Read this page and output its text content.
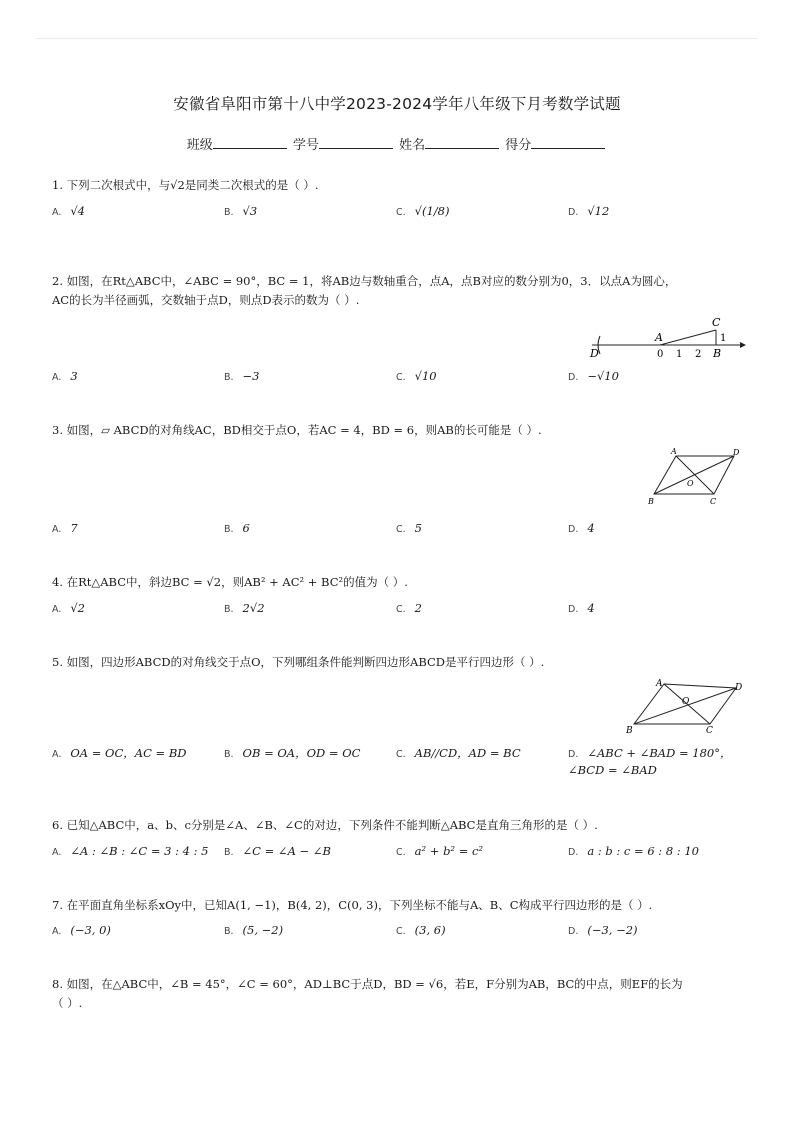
安徽省阜阳市第十八中学2023-2024学年八年级下月考数学试题
班级	学号	姓名	得分
1. 下列二次根式中，与√2是同类二次根式的是（ ）.
A. √4	B. √3	C. √(1/8)	D. √12
2. 如图，在Rt△ABC中，∠ABC = 90°，BC = 1，将AB边与数轴重合，点A，点B对应的数分别为0，3．以点A为圆心，
AC的长为半径画弧，交数轴于点D，则点D表示的数为（ ）.
C
A	1
D	0 1 2 B
A. 3	B. −3	C. √10	D. −√10
3. 如图，▱ ABCD的对角线AC，BD相交于点O，若AC = 4，BD = 6，则AB的长可能是（ ）.
A	D
O
B	C
A. 7	B. 6	C. 5	D. 4
4. 在Rt△ABC中，斜边BC = √2，则AB² + AC² + BC²的值为（ ）.
A. √2	B. 2√2	C. 2	D. 4
5. 如图，四边形ABCD的对角线交于点O，下列哪组条件能判断四边形ABCD是平行四边形（ ）.
A	D
O
B	C
A. OA = OC，AC = BD	B. OB = OA，OD = OC	C. AB//CD，AD = BC	D. ∠ABC + ∠BAD = 180°，
∠BCD = ∠BAD
6. 已知△ABC中，a、b、c分别是∠A、∠B、∠C的对边，下列条件不能判断△ABC是直角三角形的是（ ）.
A. ∠A : ∠B : ∠C = 3 : 4 : 5 B. ∠C = ∠A − ∠B	C. a² + b² = c²	D. a : b : c = 6 : 8 : 10
7. 在平面直角坐标系xOy中，已知A(1, −1)，B(4, 2)，C(0, 3)，下列坐标不能与A、B、C构成平行四边形的是（ ）.
A. (−3, 0)	B. (5, −2)	C. (3, 6)	D. (−3, −2)
8. 如图，在△ABC中，∠B = 45°，∠C = 60°，AD⊥BC于点D，BD = √6，若E，F分别为AB，BC的中点，则EF的长为
（ ）.
